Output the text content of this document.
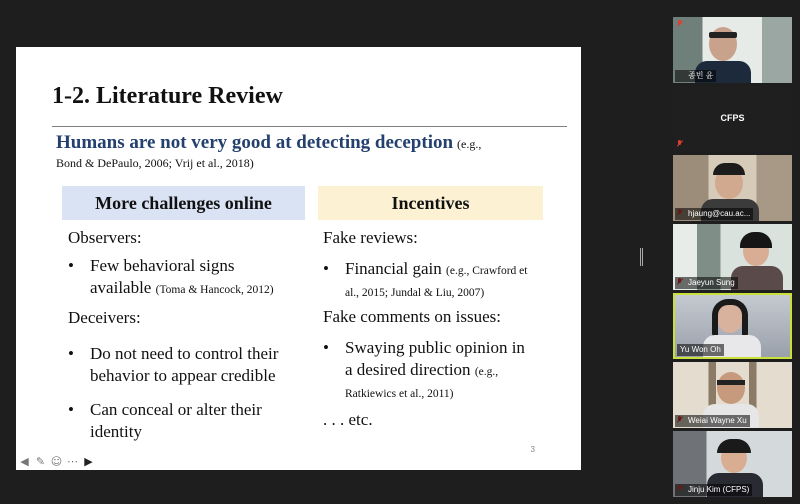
1-2. Literature Review
Humans are not very good at detecting deception (e.g.,
Bond & DePaulo, 2006; Vrij et al., 2018)
More challenges online	Incentives
Observers:
• Few behavioral signs
available (Toma & Hancock, 2012)
Deceivers:
• Do not need to control their
behavior to appear credible
• Can conceal or alter their
identity
Fake reviews:
• Financial gain (e.g., Crawford et
al., 2015; Jundal & Liu, 2007)
Fake comments on issues:
• Swaying public opinion in
a desired direction (e.g.,
Ratkiewics et al., 2011)
. . . etc.
3
◀ ✎ ☺ ⋯ ▶
종빈 윤
CFPS
hjaung@cau.ac...
Jaeyun Sung
Yu Won Oh
Weiai Wayne Xu
Jinju Kim (CFPS)
